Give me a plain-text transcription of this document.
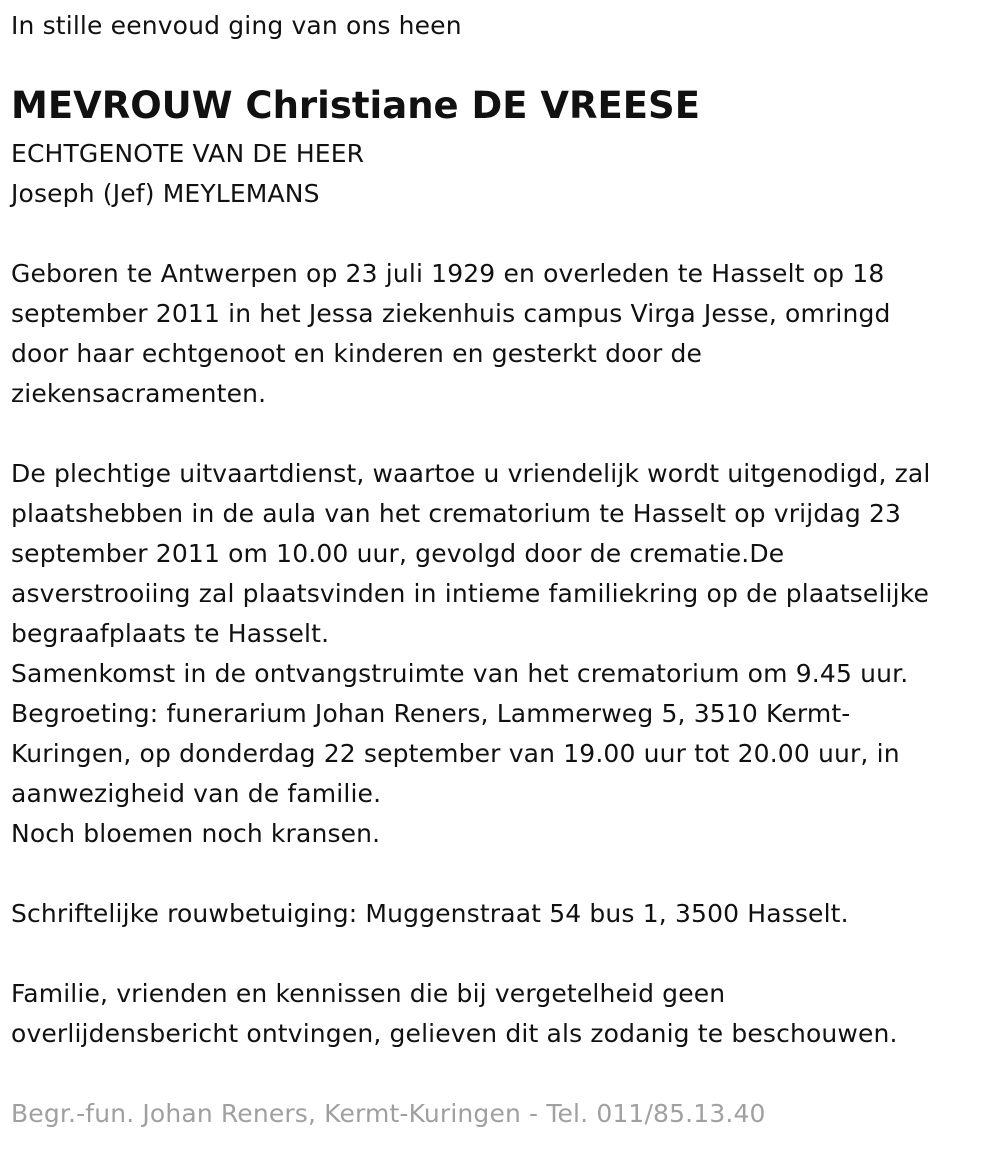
In stille eenvoud ging van ons heen

MEVROUW Christiane DE VREESE

ECHTGENOTE VAN DE HEER

Joseph (Jef) MEYLEMANS

Geboren te Antwerpen op 23 juli 1929 en overleden te Hasselt op 18
september 2011 in het Jessa ziekenhuis campus Virga Jesse, omringd
door haar echtgenoot en kinderen en gesterkt door de
ziekensacramenten.
De plechtige uitvaartdienst, waartoe u vriendelijk wordt uitgenodigd, zal
plaatshebben in de aula van het crematorium te Hasselt op vrijdag 23
september 2011 om 10.00 uur, gevolgd door de crematie.De
asverstrooiing zal plaatsvinden in intieme familiekring op de plaatselijke
begraafplaats te Hasselt.

Samenkomst in de ontvangstruimte van het crematorium om 9.45 uur.

Begroeting: funerarium Johan Reners, Lammerweg 5, 3510 Kermt-
Kuringen, op donderdag 22 september van 19.00 uur tot 20.00 uur, in
aanwezigheid van de familie.
Noch bloemen noch kransen.

Schriftelijke rouwbetuiging: Muggenstraat 54 bus 1, 3500 Hasselt.

Familie, vrienden en kennissen die bij vergetelheid geen
overlijdensbericht ontvingen, gelieven dit als zodanig te beschouwen.

Begr.-fun. Johan Reners, Kermt-Kuringen - Tel. 011/85.13.40
